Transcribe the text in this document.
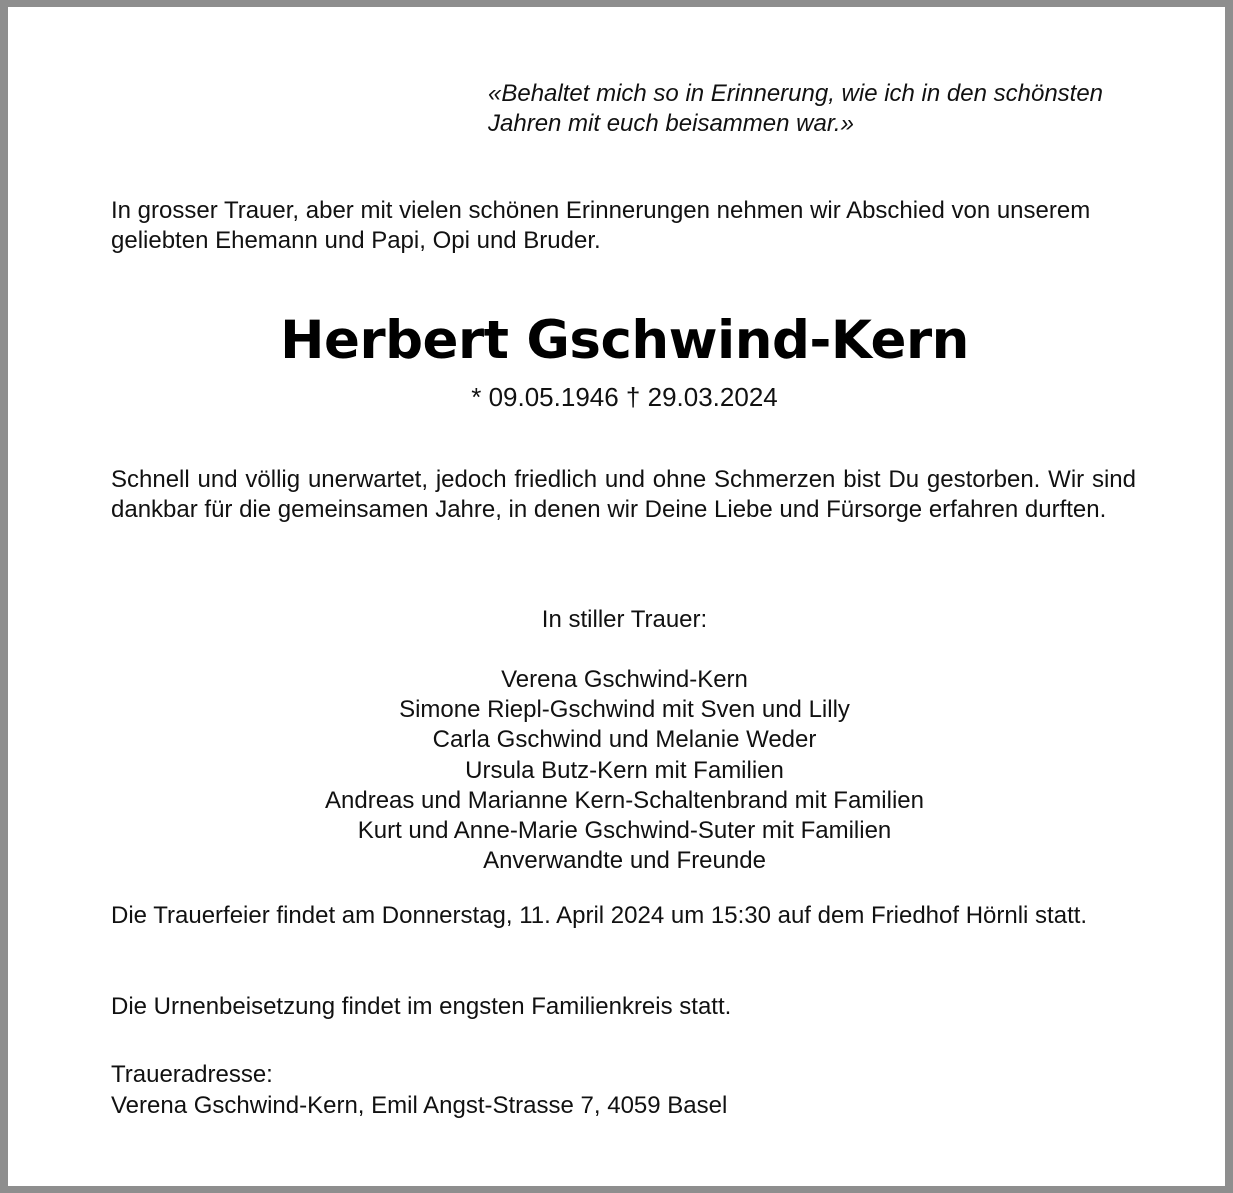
«Behaltet mich so in Erinnerung, wie ich in den schönsten
Jahren mit euch beisammen war.»

In grosser Trauer, aber mit vielen schönen Erinnerungen nehmen wir Abschied von unserem geliebten Ehemann und Papi, Opi und Bruder.

Herbert Gschwind-Kern

* 09.05.1946 † 29.03.2024

Schnell und völlig unerwartet, jedoch friedlich und ohne Schmerzen bist Du gestorben. Wir sind dankbar für die gemeinsamen Jahre, in denen wir Deine Liebe und Fürsorge erfahren durften.

In stiller Trauer:

Verena Gschwind-Kern
Simone Riepl-Gschwind mit Sven und Lilly
Carla Gschwind und Melanie Weder
Ursula Butz-Kern mit Familien
Andreas und Marianne Kern-Schaltenbrand mit Familien
Kurt und Anne-Marie Gschwind-Suter mit Familien
Anverwandte und Freunde

Die Trauerfeier findet am Donnerstag, 11. April 2024 um 15:30 auf dem Friedhof Hörnli statt.

Die Urnenbeisetzung findet im engsten Familienkreis statt.

Traueradresse:

Verena Gschwind-Kern, Emil Angst-Strasse 7, 4059 Basel
